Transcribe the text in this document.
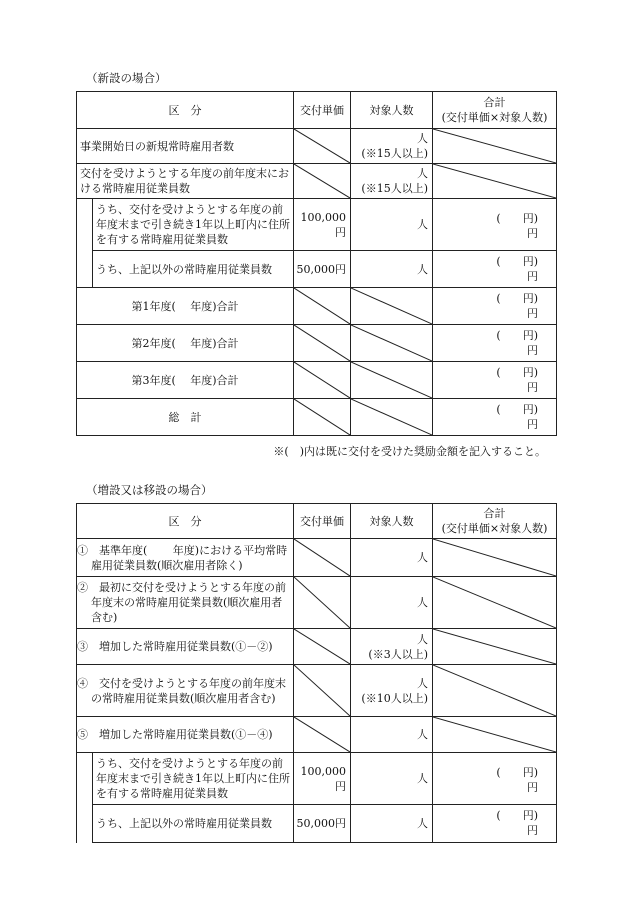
（新設の場合）
区　分		交付単価	対象人数	合計
(交付単価×対象人数)

事業開始日の新規常時雇用者数			人
(※15人以上)

交付を受けようとする年度の前年度末における常時雇用従業員数			人
(※15人以上)

	うち、交付を受けようとする年度の前年度末まで引き続き1年以上町内に住所を有する常時雇用従業員数	100,000円	人	(　　円)
円

	うち、上記以外の常時雇用従業員数	50,000円	人	(　　円)
円

第1年度(　 年度)合計				(　　円)
円

第2年度(　 年度)合計				(　　円)
円

第3年度(　 年度)合計				(　　円)
円

総　計				(　　円)
円
※(　)内は既に交付を受けた奨励金額を記入すること。
（増設又は移設の場合）
区　分		交付単価	対象人数	合計
(交付単価×対象人数)

①　基準年度(　　 年度)における平均常時雇用従業員数(順次雇用者除く)			人	

②　最初に交付を受けようとする年度の前年度末の常時雇用従業員数(順次雇用者含む)			人	

③　増加した常時雇用従業員数(①－②)			人
(※3人以上)

④　交付を受けようとする年度の前年度末の常時雇用従業員数(順次雇用者含む)			人
(※10人以上)

⑤　増加した常時雇用従業員数(①－④)			人	

	うち、交付を受けようとする年度の前年度末まで引き続き1年以上町内に住所を有する常時雇用従業員数	100,000円	人	(　　円)
円

	うち、上記以外の常時雇用従業員数	50,000円	人	(　　円)
円
